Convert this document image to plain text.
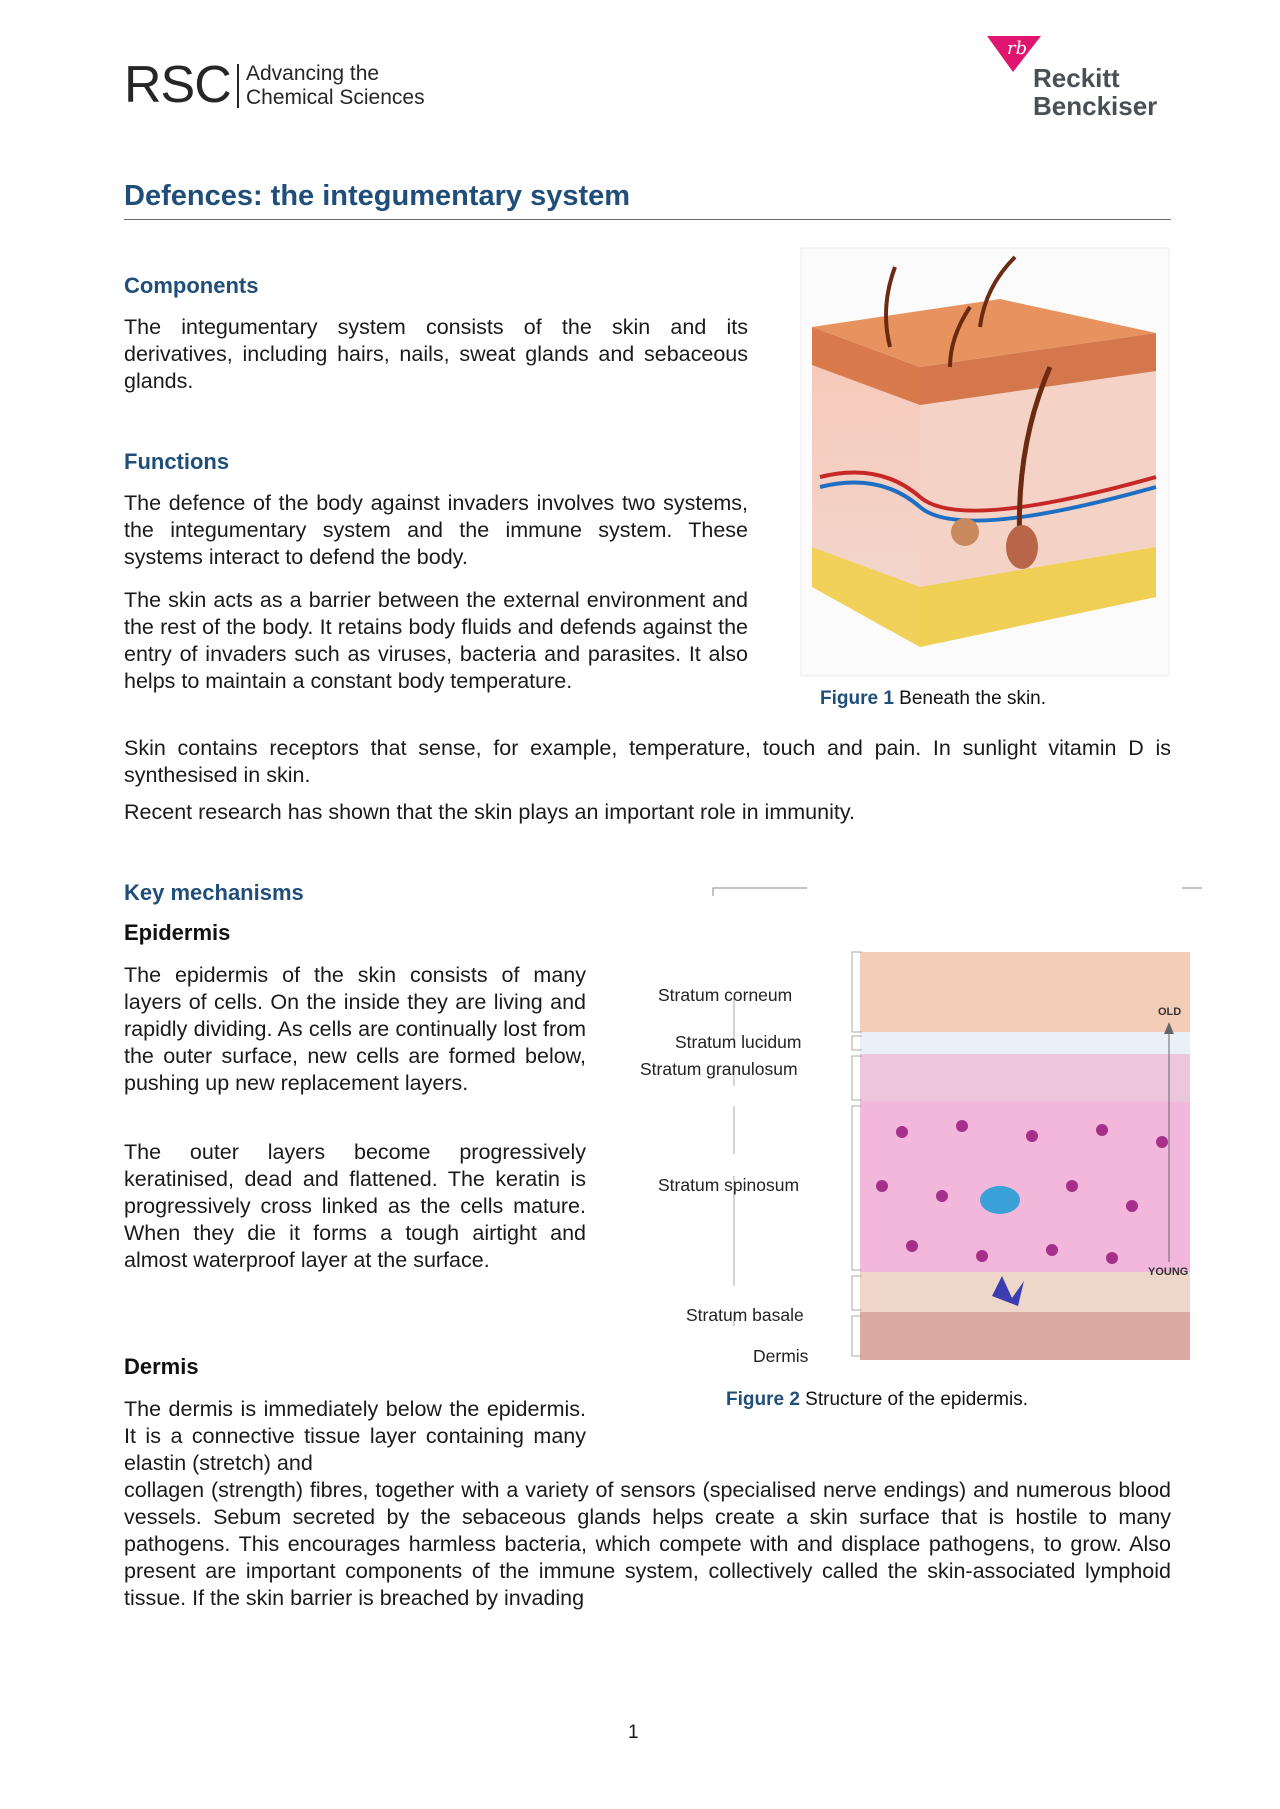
RSC Advancing the
Chemical Sciences
rb
Reckitt
Benckiser
Defences: the integumentary system
Components

The integumentary system consists of the skin and its derivatives, including hairs, nails, sweat glands and sebaceous glands.

Functions

The defence of the body against invaders involves two systems, the integumentary system and the immune system. These systems interact to defend the body.

The skin acts as a barrier between the external environment and the rest of the body. It retains body fluids and defends against the entry of invaders such as viruses, bacteria and parasites. It also helps to maintain a constant body temperature.

Figure 1 Beneath the skin.

Skin contains receptors that sense, for example, temperature, touch and pain. In sunlight vitamin D is synthesised in skin.

Recent research has shown that the skin plays an important role in immunity.

Key mechanisms
Epidermis

The epidermis of the skin consists of many layers of cells. On the inside they are living and rapidly dividing. As cells are continually lost from the outer surface, new cells are formed below, pushing up new replacement layers.

The outer layers become progressively keratinised, dead and flattened. The keratin is progressively cross linked as the cells mature. When they die it forms a tough airtight and almost waterproof layer at the surface.

Dermis

The dermis is immediately below the epidermis. It is a connective tissue layer containing many elastin (stretch) and

collagen (strength) fibres, together with a variety of sensors (specialised nerve endings) and numerous blood vessels. Sebum secreted by the sebaceous glands helps create a skin surface that is hostile to many pathogens. This encourages harmless bacteria, which compete with and displace pathogens, to grow. Also present are important components of the immune system, collectively called the skin-associated lymphoid tissue. If the skin barrier is breached by invading

Stratum corneum
Stratum lucidum
Stratum granulosum
Stratum spinosum
Stratum basale
Dermis
OLD
YOUNG

Figure 2 Structure of the epidermis.

1
